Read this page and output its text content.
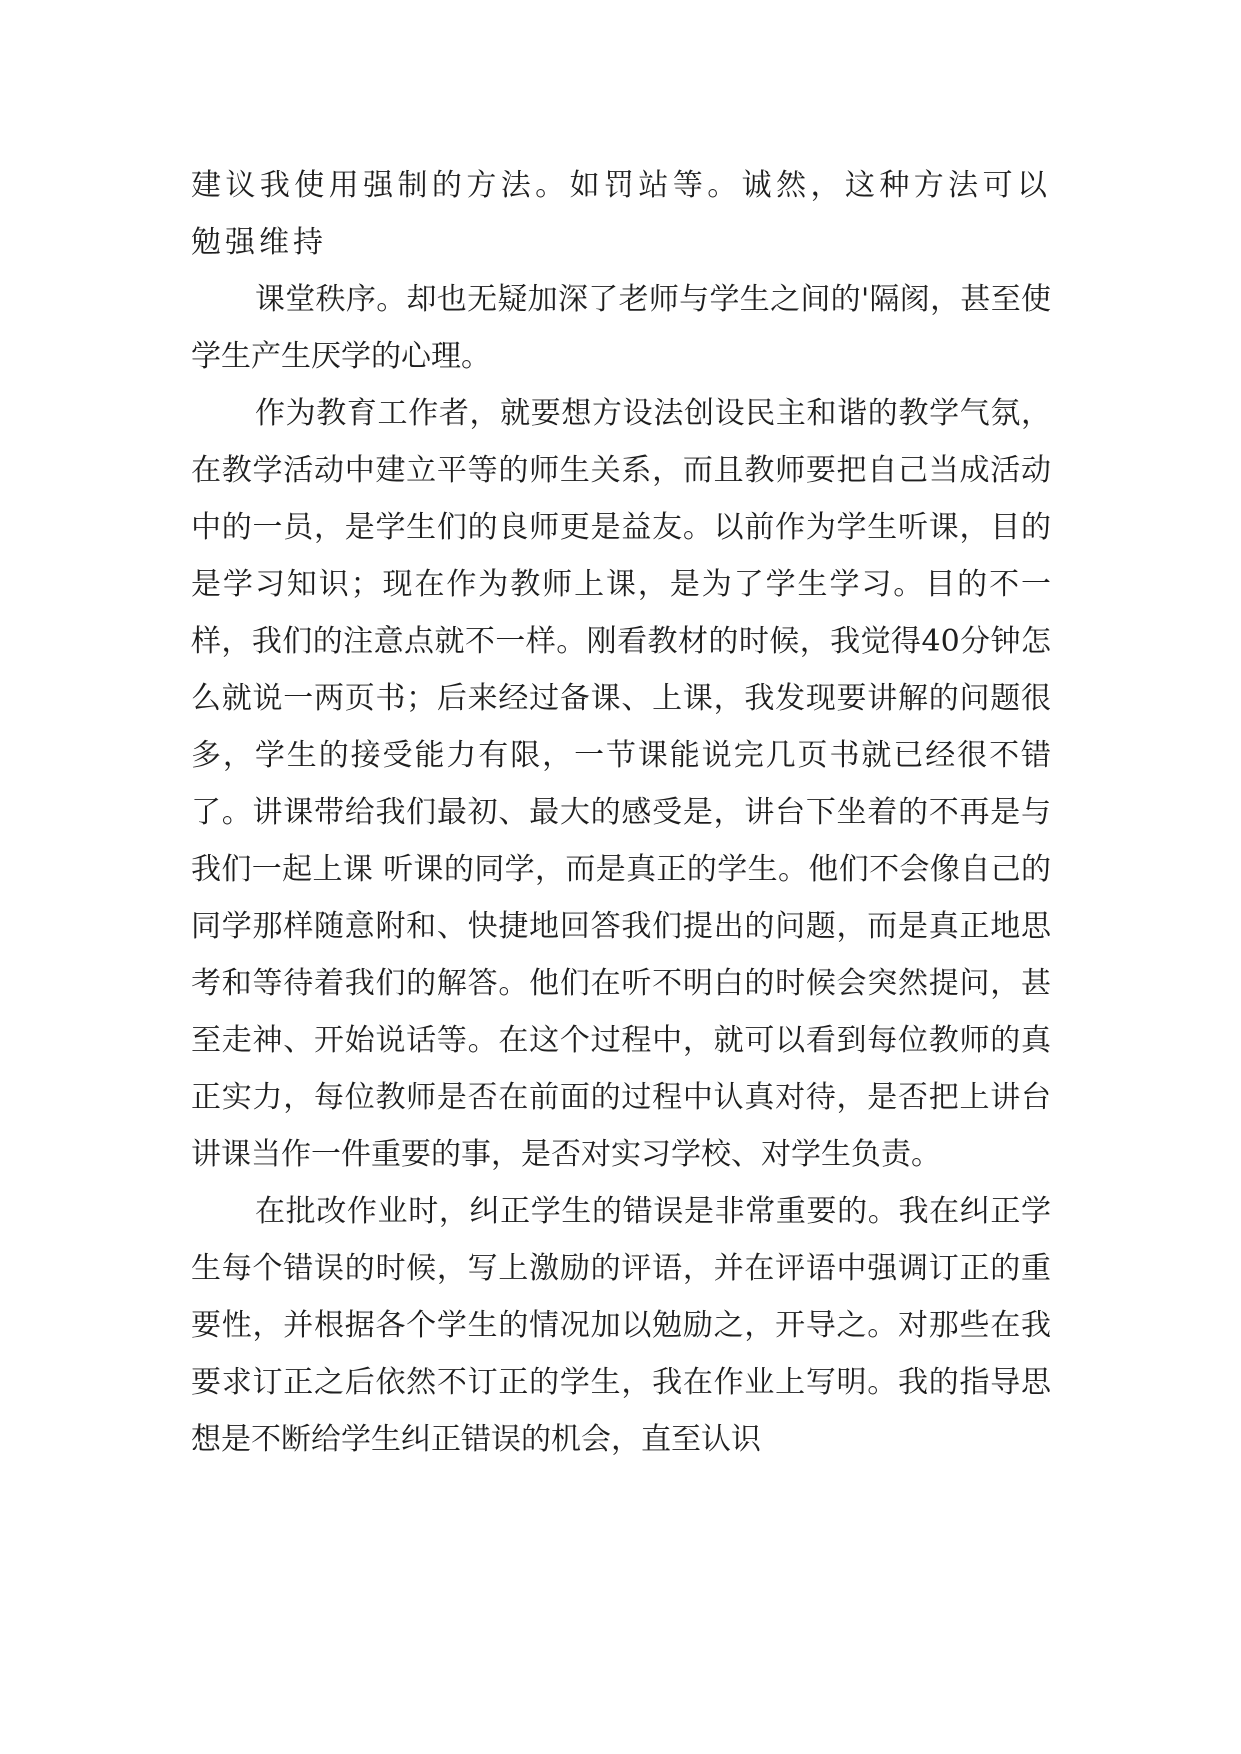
建议我使用强制的方法。如罚站等。诚然，这种方法可以勉强维持

课堂秩序。却也无疑加深了老师与学生之间的'隔阂，甚至使学生产生厌学的心理。

作为教育工作者，就要想方设法创设民主和谐的教学气氛，在教学活动中建立平等的师生关系，而且教师要把自己当成活动中的一员，是学生们的良师更是益友。以前作为学生听课，目的是学习知识；现在作为教师上课，是为了学生学习。目的不一样，我们的注意点就不一样。刚看教材的时候，我觉得40分钟怎么就说一两页书；后来经过备课、上课，我发现要讲解的问题很多，学生的接受能力有限，一节课能说完几页书就已经很不错了。讲课带给我们最初、最大的感受是，讲台下坐着的不再是与我们一起上课 听课的同学，而是真正的学生。他们不会像自己的同学那样随意附和、快捷地回答我们提出的问题，而是真正地思考和等待着我们的解答。他们在听不明白的时候会突然提问，甚至走神、开始说话等。在这个过程中，就可以看到每位教师的真正实力，每位教师是否在前面的过程中认真对待，是否把上讲台讲课当作一件重要的事，是否对实习学校、对学生负责。

在批改作业时，纠正学生的错误是非常重要的。我在纠正学生每个错误的时候，写上激励的评语，并在评语中强调订正的重要性，并根据各个学生的情况加以勉励之，开导之。对那些在我要求订正之后依然不订正的学生，我在作业上写明。我的指导思想是不断给学生纠正错误的机会，直至认识
